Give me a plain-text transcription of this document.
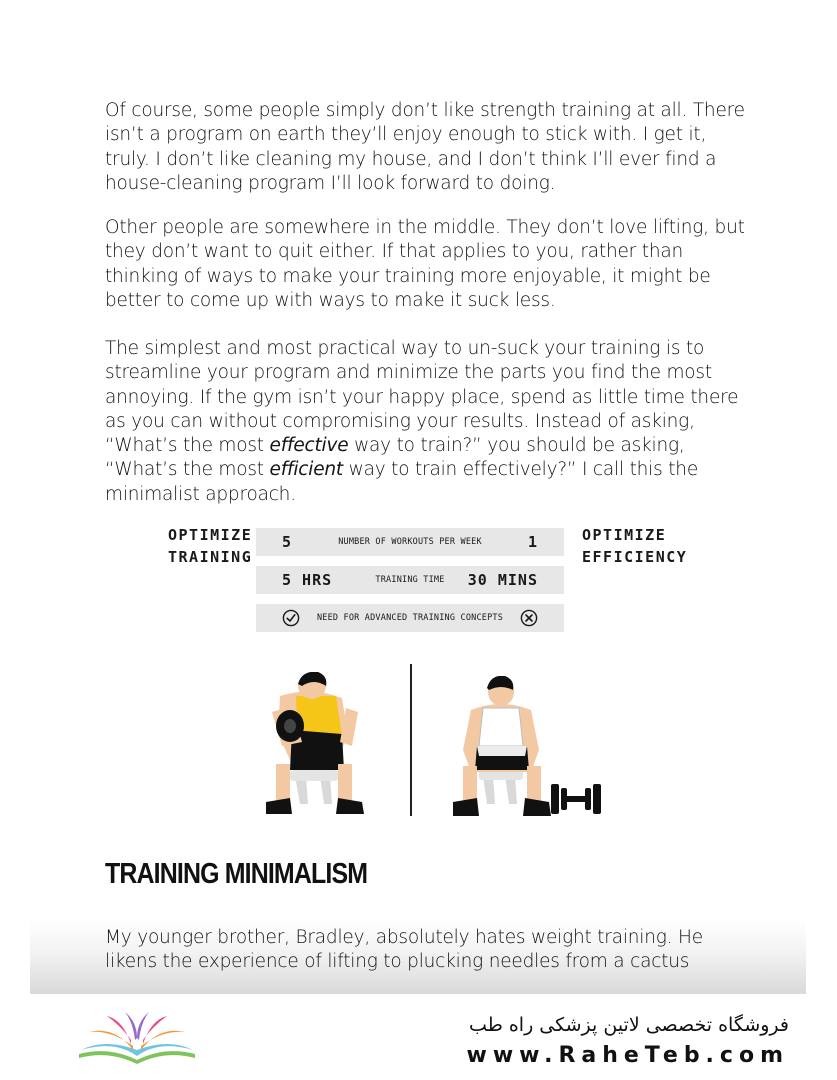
Of course, some people simply don’t like strength training at all. There isn’t a program on earth they’ll enjoy enough to stick with. I get it, truly. I don’t like cleaning my house, and I don’t think I’ll ever find a house-cleaning program I’ll look forward to doing.

Other people are somewhere in the middle. They don’t love lifting, but they don’t want to quit either. If that applies to you, rather than thinking of ways to make your training more enjoyable, it might be better to come up with ways to make it suck less.

The simplest and most practical way to un-suck your training is to streamline your program and minimize the parts you find the most annoying. If the gym isn’t your happy place, spend as little time there as you can without compromising your results. Instead of asking, “What’s the most effective way to train?” you should be asking, “What’s the most efficient way to train effectively?” I call this the minimalist approach.

OPTIMIZE
TRAINING
OPTIMIZE
EFFICIENCY
NUMBER OF WORKOUTS PER WEEK
5	1
TRAINING TIME
5 HRS	30 MINS
NEED FOR ADVANCED TRAINING CONCEPTS
TRAINING MINIMALISM

My younger brother, Bradley, absolutely hates weight training. He likens the experience of lifting to plucking needles from a cactus

فروشگاه تخصصی لاتین پزشکی راه طب
www.RaheTeb.com
